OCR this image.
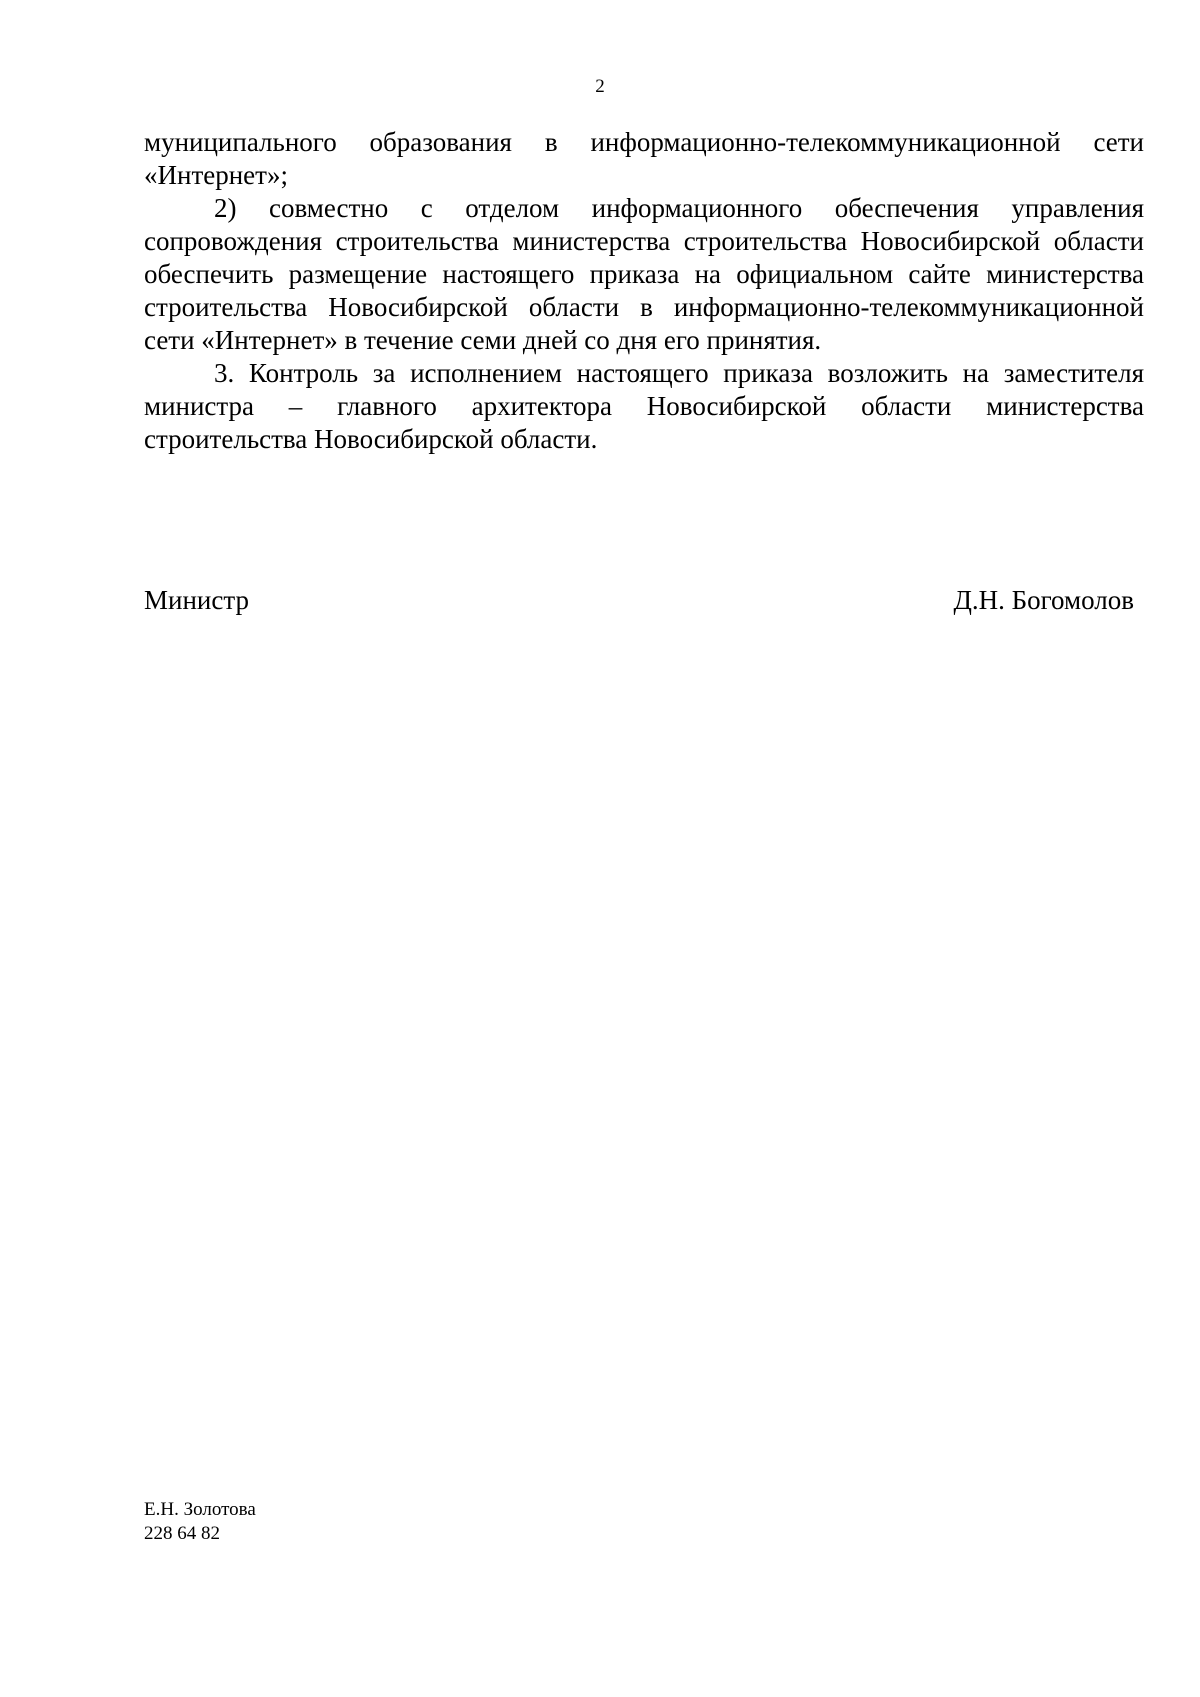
2

муниципального образования в информационно-телекоммуникационной сети «Интернет»;

2) совместно с отделом информационного обеспечения управления сопровождения строительства министерства строительства Новосибирской области обеспечить размещение настоящего приказа на официальном сайте министерства строительства Новосибирской области в информационно-телекоммуникационной сети «Интернет» в течение семи дней со дня его принятия.

3. Контроль за исполнением настоящего приказа возложить на заместителя министра – главного архитектора Новосибирской области министерства строительства Новосибирской области.

Министр	Д.Н. Богомолов
Е.Н. Золотова
228 64 82
